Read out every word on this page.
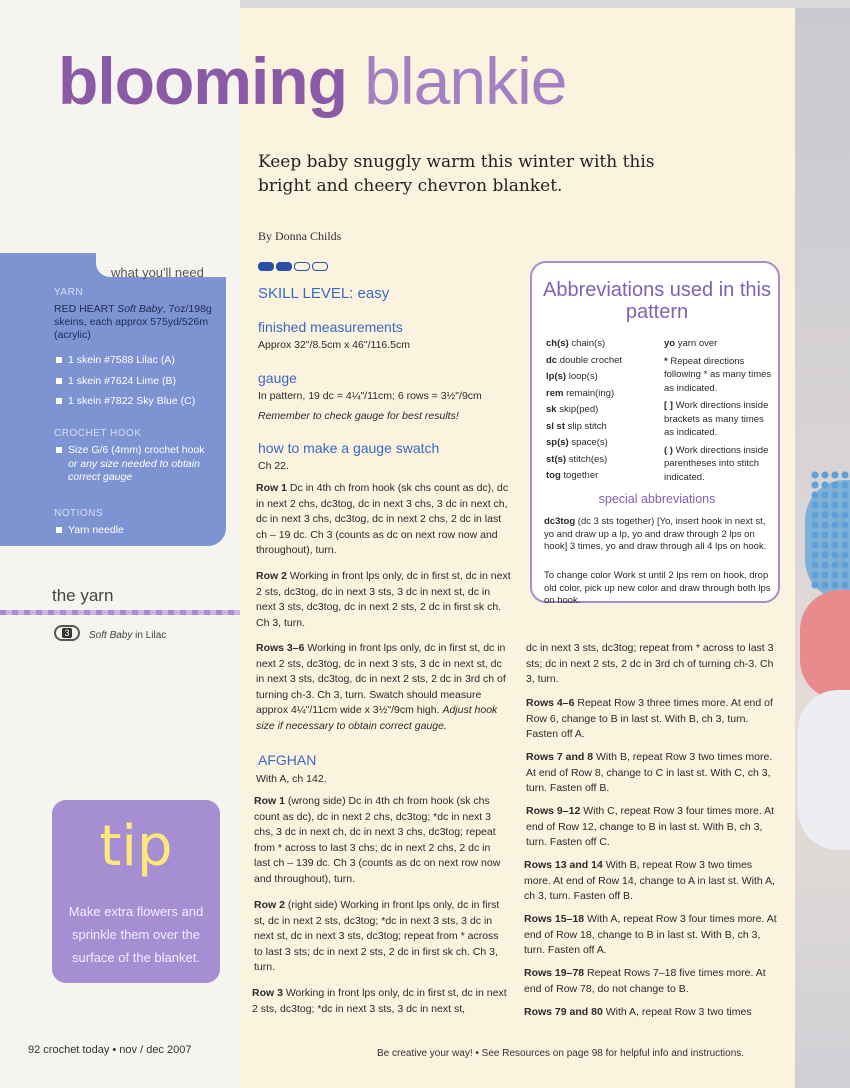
blooming blankie
Keep baby snuggly warm this winter with this bright and cheery chevron blanket.
By Donna Childs
what you'll need
YARN
RED HEART Soft Baby, 7oz/198g skeins, each approx 575yd/526m (acrylic)
1 skein #7588 Lilac (A)
1 skein #7624 Lime (B)
1 skein #7822 Sky Blue (C)
CROCHET HOOK
Size G/6 (4mm) crochet hook
or any size needed to obtain correct gauge
NOTIONS
Yarn needle
the yarn
3	Soft Baby in Lilac
tip
Make extra flowers and sprinkle them over the surface of the blanket.
92 crochet today • nov / dec 2007	Be creative your way! • See Resources on page 98 for helpful info and instructions.
SKILL LEVEL: easy
finished measurements
Approx 32"/8.5cm x 46"/116.5cm
gauge
In pattern, 19 dc = 4¼"/11cm; 6 rows = 3½"/9cm
Remember to check gauge for best results!
how to make a gauge swatch
Ch 22.
Row 1 Dc in 4th ch from hook (sk chs count as dc), dc in next 2 chs, dc3tog, dc in next 3 chs, 3 dc in next ch, dc in next 3 chs, dc3tog, dc in next 2 chs, 2 dc in last ch – 19 dc. Ch 3 (counts as dc on next row now and throughout), turn.
Row 2 Working in front lps only, dc in first st, dc in next 2 sts, dc3tog, dc in next 3 sts, 3 dc in next st, dc in next 3 sts, dc3tog, dc in next 2 sts, 2 dc in first sk ch. Ch 3, turn.
Rows 3–6 Working in front lps only, dc in first st, dc in next 2 sts, dc3tog, dc in next 3 sts, 3 dc in next st, dc in next 3 sts, dc3tog, dc in next 2 sts, 2 dc in 3rd ch of turning ch-3. Ch 3, turn. Swatch should measure approx 4¼"/11cm wide x 3½"/9cm high. Adjust hook size if necessary to obtain correct gauge.
AFGHAN
With A, ch 142.
Row 1 (wrong side) Dc in 4th ch from hook (sk chs count as dc), dc in next 2 chs, dc3tog; *dc in next 3 chs, 3 dc in next ch, dc in next 3 chs, dc3tog; repeat from * across to last 3 chs; dc in next 2 chs, 2 dc in last ch – 139 dc. Ch 3 (counts as dc on next row now and throughout), turn.
Row 2 (right side) Working in front lps only, dc in first st, dc in next 2 sts, dc3tog; *dc in next 3 sts, 3 dc in next st, dc in next 3 sts, dc3tog; repeat from * across to last 3 sts; dc in next 2 sts, 2 dc in first sk ch. Ch 3, turn.
Row 3 Working in front lps only, dc in first st, dc in next 2 sts, dc3tog; *dc in next 3 sts, 3 dc in next st,
dc in next 3 sts, dc3tog; repeat from * across to last 3 sts; dc in next 2 sts, 2 dc in 3rd ch of turning ch-3. Ch 3, turn.
Rows 4–6 Repeat Row 3 three times more. At end of Row 6, change to B in last st. With B, ch 3, turn. Fasten off A.
Rows 7 and 8 With B, repeat Row 3 two times more. At end of Row 8, change to C in last st. With C, ch 3, turn. Fasten off B.
Rows 9–12 With C, repeat Row 3 four times more. At end of Row 12, change to B in last st. With B, ch 3, turn. Fasten off C.
Rows 13 and 14 With B, repeat Row 3 two times more. At end of Row 14, change to A in last st. With A, ch 3, turn. Fasten off B.
Rows 15–18 With A, repeat Row 3 four times more. At end of Row 18, change to B in last st. With B, ch 3, turn. Fasten off A.
Rows 19–78 Repeat Rows 7–18 five times more. At end of Row 78, do not change to B.
Rows 79 and 80 With A, repeat Row 3 two times
Abbreviations used in this pattern
ch(s) chain(s)
dc double crochet
lp(s) loop(s)
rem remain(ing)
sk skip(ped)
sl st slip stitch
sp(s) space(s)
st(s) stitch(es)
tog together
yo yarn over
* Repeat directions following * as many times as indicated.
[ ] Work directions inside brackets as many times as indicated.
( ) Work directions inside parentheses into stitch indicated.
special abbreviations
dc3tog (dc 3 sts together) [Yo, insert hook in next st, yo and draw up a lp, yo and draw through 2 lps on hook] 3 times, yo and draw through all 4 lps on hook.
To change color Work st until 2 lps rem on hook, drop old color, pick up new color and draw through both lps on hook.
